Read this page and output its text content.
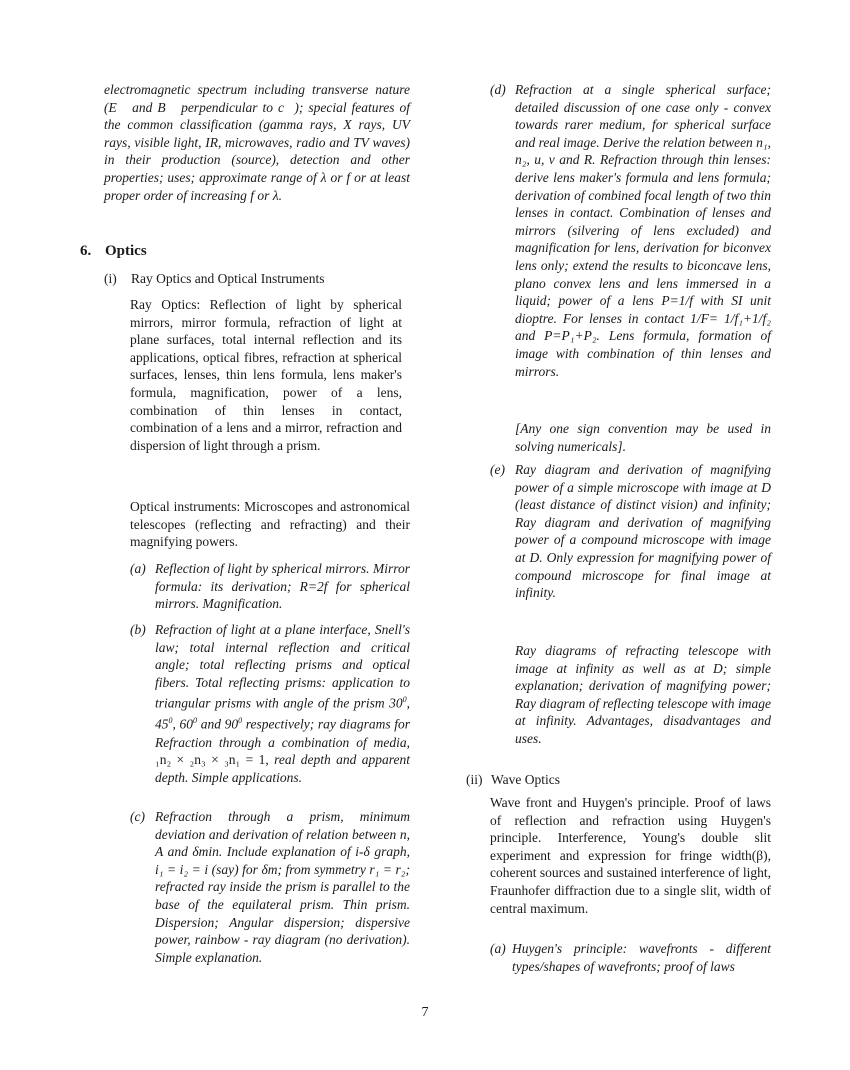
electromagnetic spectrum including transverse nature (E⃗ and B⃗ perpendicular to c⃗); special features of the common classification (gamma rays, X rays, UV rays, visible light, IR, microwaves, radio and TV waves) in their production (source), detection and other properties; uses; approximate range of λ or f or at least proper order of increasing f or λ.

6. Optics
(i) Ray Optics and Optical Instruments

Ray Optics: Reflection of light by spherical mirrors, mirror formula, refraction of light at plane surfaces, total internal reflection and its applications, optical fibres, refraction at spherical surfaces, lenses, thin lens formula, lens maker's formula, magnification, power of a lens, combination of thin lenses in contact, combination of a lens and a mirror, refraction and dispersion of light through a prism.

Optical instruments: Microscopes and astronomical telescopes (reflecting and refracting) and their magnifying powers.

(a) Reflection of light by spherical mirrors. Mirror formula: its derivation; R=2f for spherical mirrors. Magnification.

(b) Refraction of light at a plane interface, Snell's law; total internal reflection and critical angle; total reflecting prisms and optical fibers. Total reflecting prisms: application to triangular prisms with angle of the prism $30^0$, $45^0$, $60^0$ and $90^0$ respectively; ray diagrams for Refraction through a combination of media, ₁n₂ × ₂n₃ × ₃n₁ = 1, real depth and apparent depth. Simple applications.

(c) Refraction through a prism, minimum deviation and derivation of relation between n, A and δmin. Include explanation of i-δ graph, i₁ = i₂ = i (say) for δm; from symmetry r₁ = r₂; refracted ray inside the prism is parallel to the base of the equilateral prism. Thin prism. Dispersion; Angular dispersion; dispersive power, rainbow - ray diagram (no derivation). Simple explanation.

(d) Refraction at a single spherical surface; detailed discussion of one case only - convex towards rarer medium, for spherical surface and real image. Derive the relation between n₁, n₂, u, v and R. Refraction through thin lenses: derive lens maker's formula and lens formula; derivation of combined focal length of two thin lenses in contact. Combination of lenses and mirrors (silvering of lens excluded) and magnification for lens, derivation for biconvex lens only; extend the results to biconcave lens, plano convex lens and lens immersed in a liquid; power of a lens P=1/f with SI unit dioptre. For lenses in contact 1/F= 1/f₁+1/f₂ and P=P₁+P₂. Lens formula, formation of image with combination of thin lenses and mirrors.

[Any one sign convention may be used in solving numericals].

(e) Ray diagram and derivation of magnifying power of a simple microscope with image at D (least distance of distinct vision) and infinity; Ray diagram and derivation of magnifying power of a compound microscope with image at D. Only expression for magnifying power of compound microscope for final image at infinity.

Ray diagrams of refracting telescope with image at infinity as well as at D; simple explanation; derivation of magnifying power; Ray diagram of reflecting telescope with image at infinity. Advantages, disadvantages and uses.

(ii) Wave Optics

Wave front and Huygen's principle. Proof of laws of reflection and refraction using Huygen's principle. Interference, Young's double slit experiment and expression for fringe width(β), coherent sources and sustained interference of light, Fraunhofer diffraction due to a single slit, width of central maximum.

(a) Huygen's principle: wavefronts - different types/shapes of wavefronts; proof of laws

7
